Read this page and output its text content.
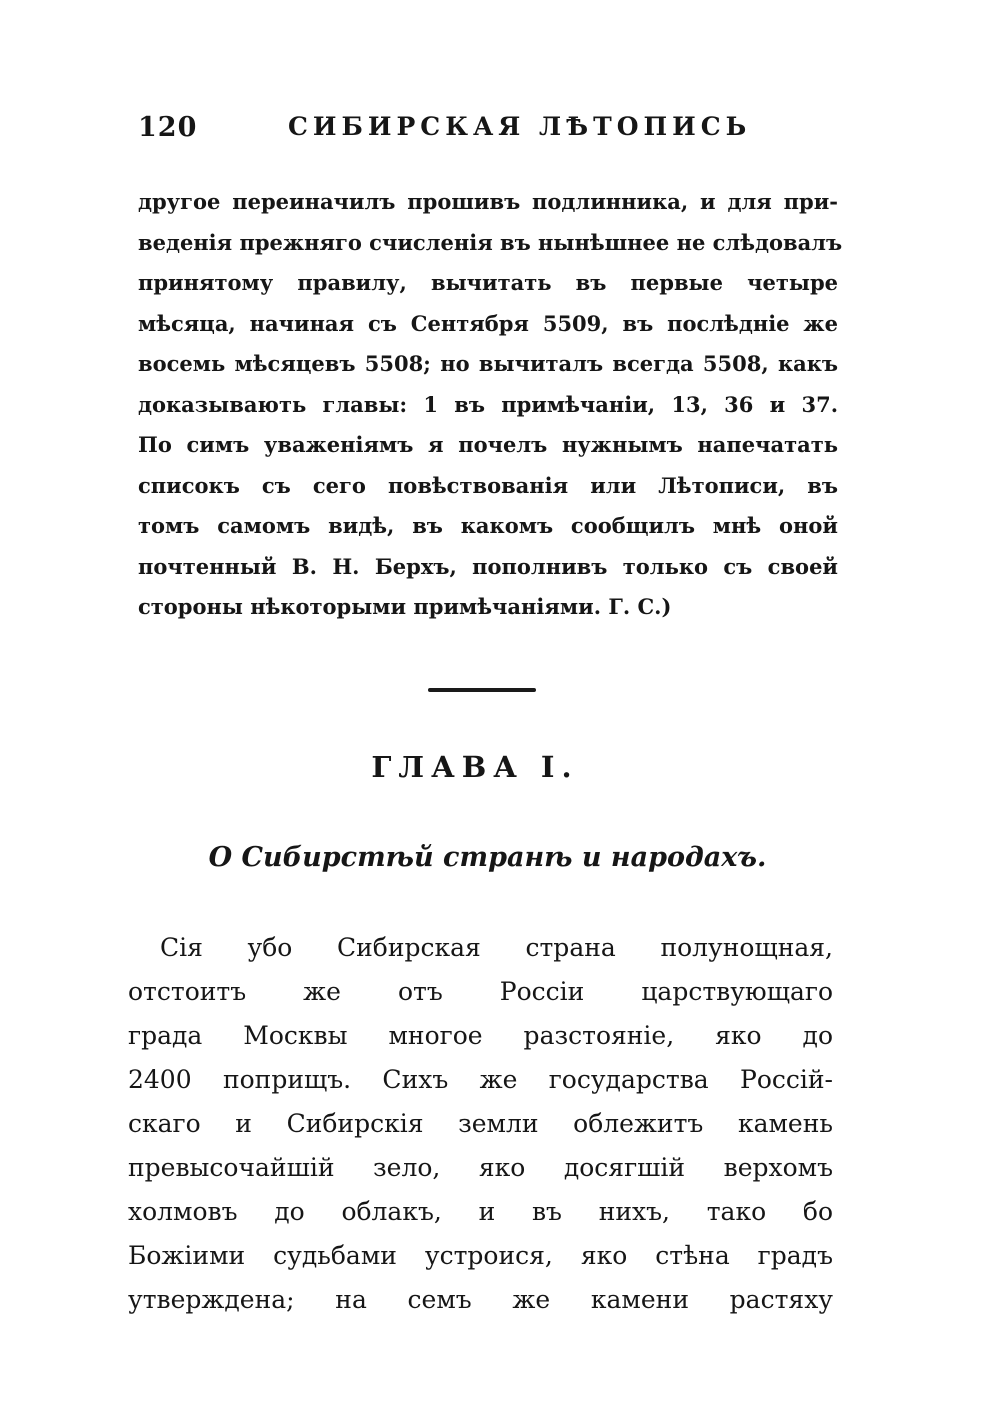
120	СИБИРСКАЯ ЛѢТОПИСЬ
другое переиначилъ прошивъ подлинника, и для при-
веденія прежняго счисленія въ нынѣшнее не слѣдовалъ
принятому правилу, вычитать въ первые четыре
мѣсяца, начиная съ Сентября 5509, въ послѣдніе же
восемь мѣсяцевъ 5508; но вычиталъ всегда 5508, какъ
доказывають главы: 1 въ примѣчаніи, 13, 36 и 37.
По симъ уваженіямъ я почелъ нужнымъ напечатать
списокъ съ сего повѣствованія или Лѣтописи, въ
томъ самомъ видѣ, въ какомъ сообщилъ мнѣ оной
почтенный В. Н. Берхъ, пополнивъ только съ своей
стороны нѣкоторыми примѣчаніями. Г. С.)
ГЛАВА I.
О Сибирстѣй странѣ и народахъ.
Сія убо Сибирская страна полунощная,
отстоитъ же отъ Россіи царствующаго
града Москвы многое разстояніе, яко до
2400 поприщъ. Сихъ же государства Россій-
скаго и Сибирскія земли облежитъ камень
превысочайшій зело, яко досягшій верхомъ
холмовъ до облакъ, и въ нихъ, тако бо
Божіими судьбами устроися, яко стѣна градъ
утверждена; на семъ же камени растяху
